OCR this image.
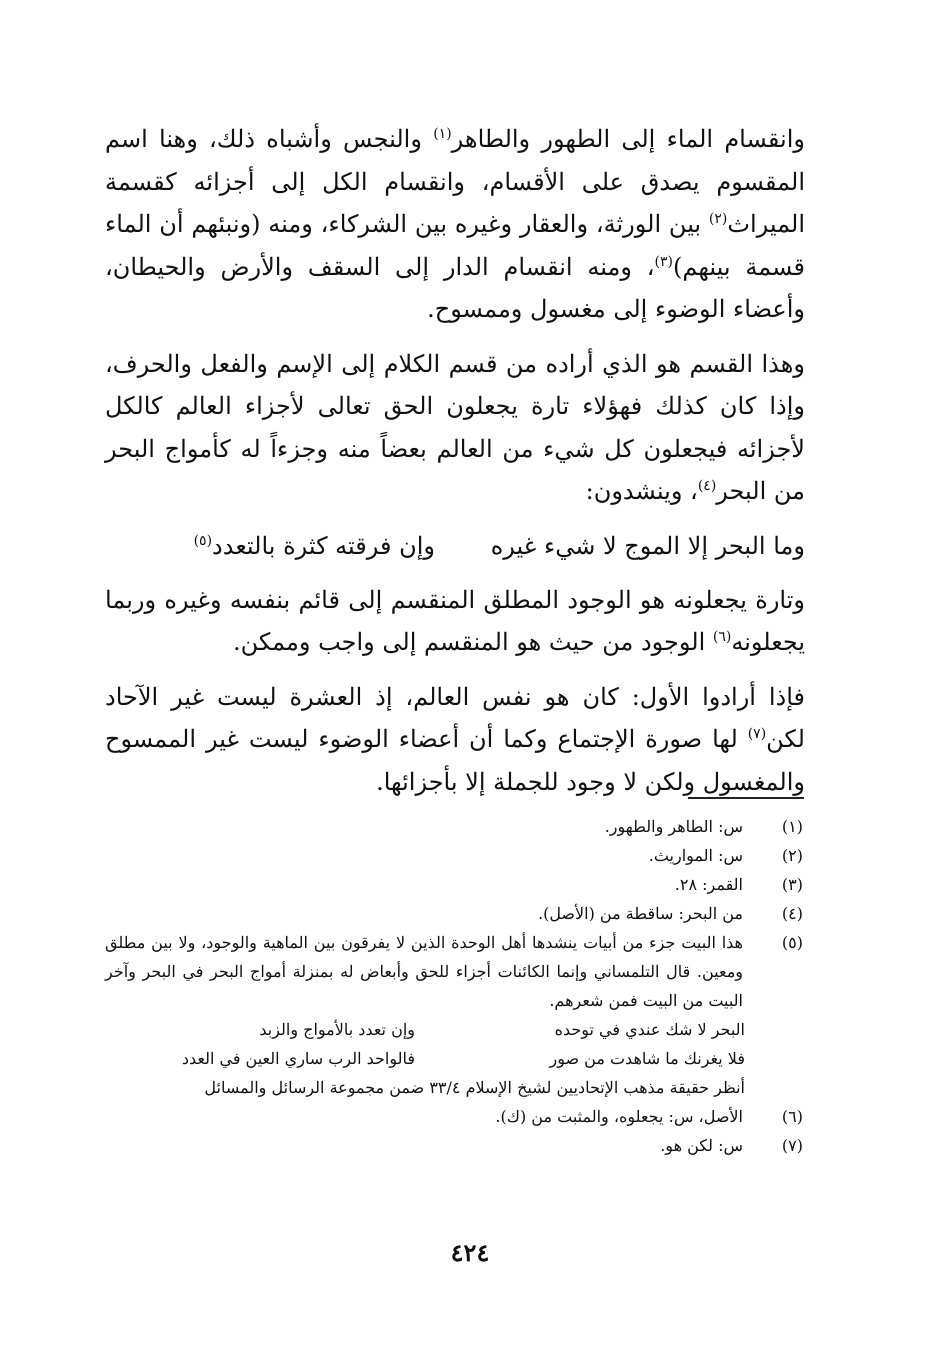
وانقسام الماء إلى الطهور والطاهر$^{(١)}$ والنجس وأشباه ذلك، وهنا اسم المقسوم يصدق على الأقسام، وانقسام الكل إلى أجزائه كقسمة الميراث$^{(٢)}$ بين الورثة، والعقار وغيره بين الشركاء، ومنه (ونبئهم أن الماء قسمة بينهم)$^{(٣)}$، ومنه انقسام الدار إلى السقف والأرض والحيطان، وأعضاء الوضوء إلى مغسول وممسوح.

وهذا القسم هو الذي أراده من قسم الكلام إلى الإسم والفعل والحرف، وإذا كان كذلك فهؤلاء تارة يجعلون الحق تعالى لأجزاء العالم كالكل لأجزائه فيجعلون كل شيء من العالم بعضاً منه وجزءاً له كأمواج البحر من البحر$^{(٤)}$، وينشدون:

وما البحر إلا الموج لا شيء غيره
وإن فرقته كثرة بالتعدد$^{(٥)}$

وتارة يجعلونه هو الوجود المطلق المنقسم إلى قائم بنفسه وغيره وربما يجعلونه$^{(٦)}$ الوجود من حيث هو المنقسم إلى واجب وممكن.

فإذا أرادوا الأول: كان هو نفس العالم، إذ العشرة ليست غير الآحاد لكن$^{(٧)}$ لها صورة الإجتماع وكما أن أعضاء الوضوء ليست غير الممسوح والمغسول ولكن لا وجود للجملة إلا بأجزائها.

(١)
س: الطاهر والطهور.
(٢)
س: المواريث.
(٣)
القمر: ٢٨.
(٤)
من البحر: ساقطة من (الأصل).
(٥)
هذا البيت جزء من أبيات ينشدها أهل الوحدة الذين لا يفرقون بين الماهية والوجود، ولا بين مطلق ومعين. قال التلمساني وإنما الكائنات أجزاء للحق وأبعاض له بمنزلة أمواج البحر في البحر وآخر البيت من البيت فمن شعرهم.
البحر لا شك عندي في توحده
وإن تعدد بالأمواج والزبد
فلا يغرنك ما شاهدت من صور
فالواحد الرب ساري العين في العدد
أنظر حقيقة مذهب الإتحاديين لشيخ الإسلام ٣٣/٤ ضمن مجموعة الرسائل والمسائل
(٦)
الأصل، س: يجعلوه، والمثبت من (ك).
(٧)
س: لكن هو.
٤٢٤
